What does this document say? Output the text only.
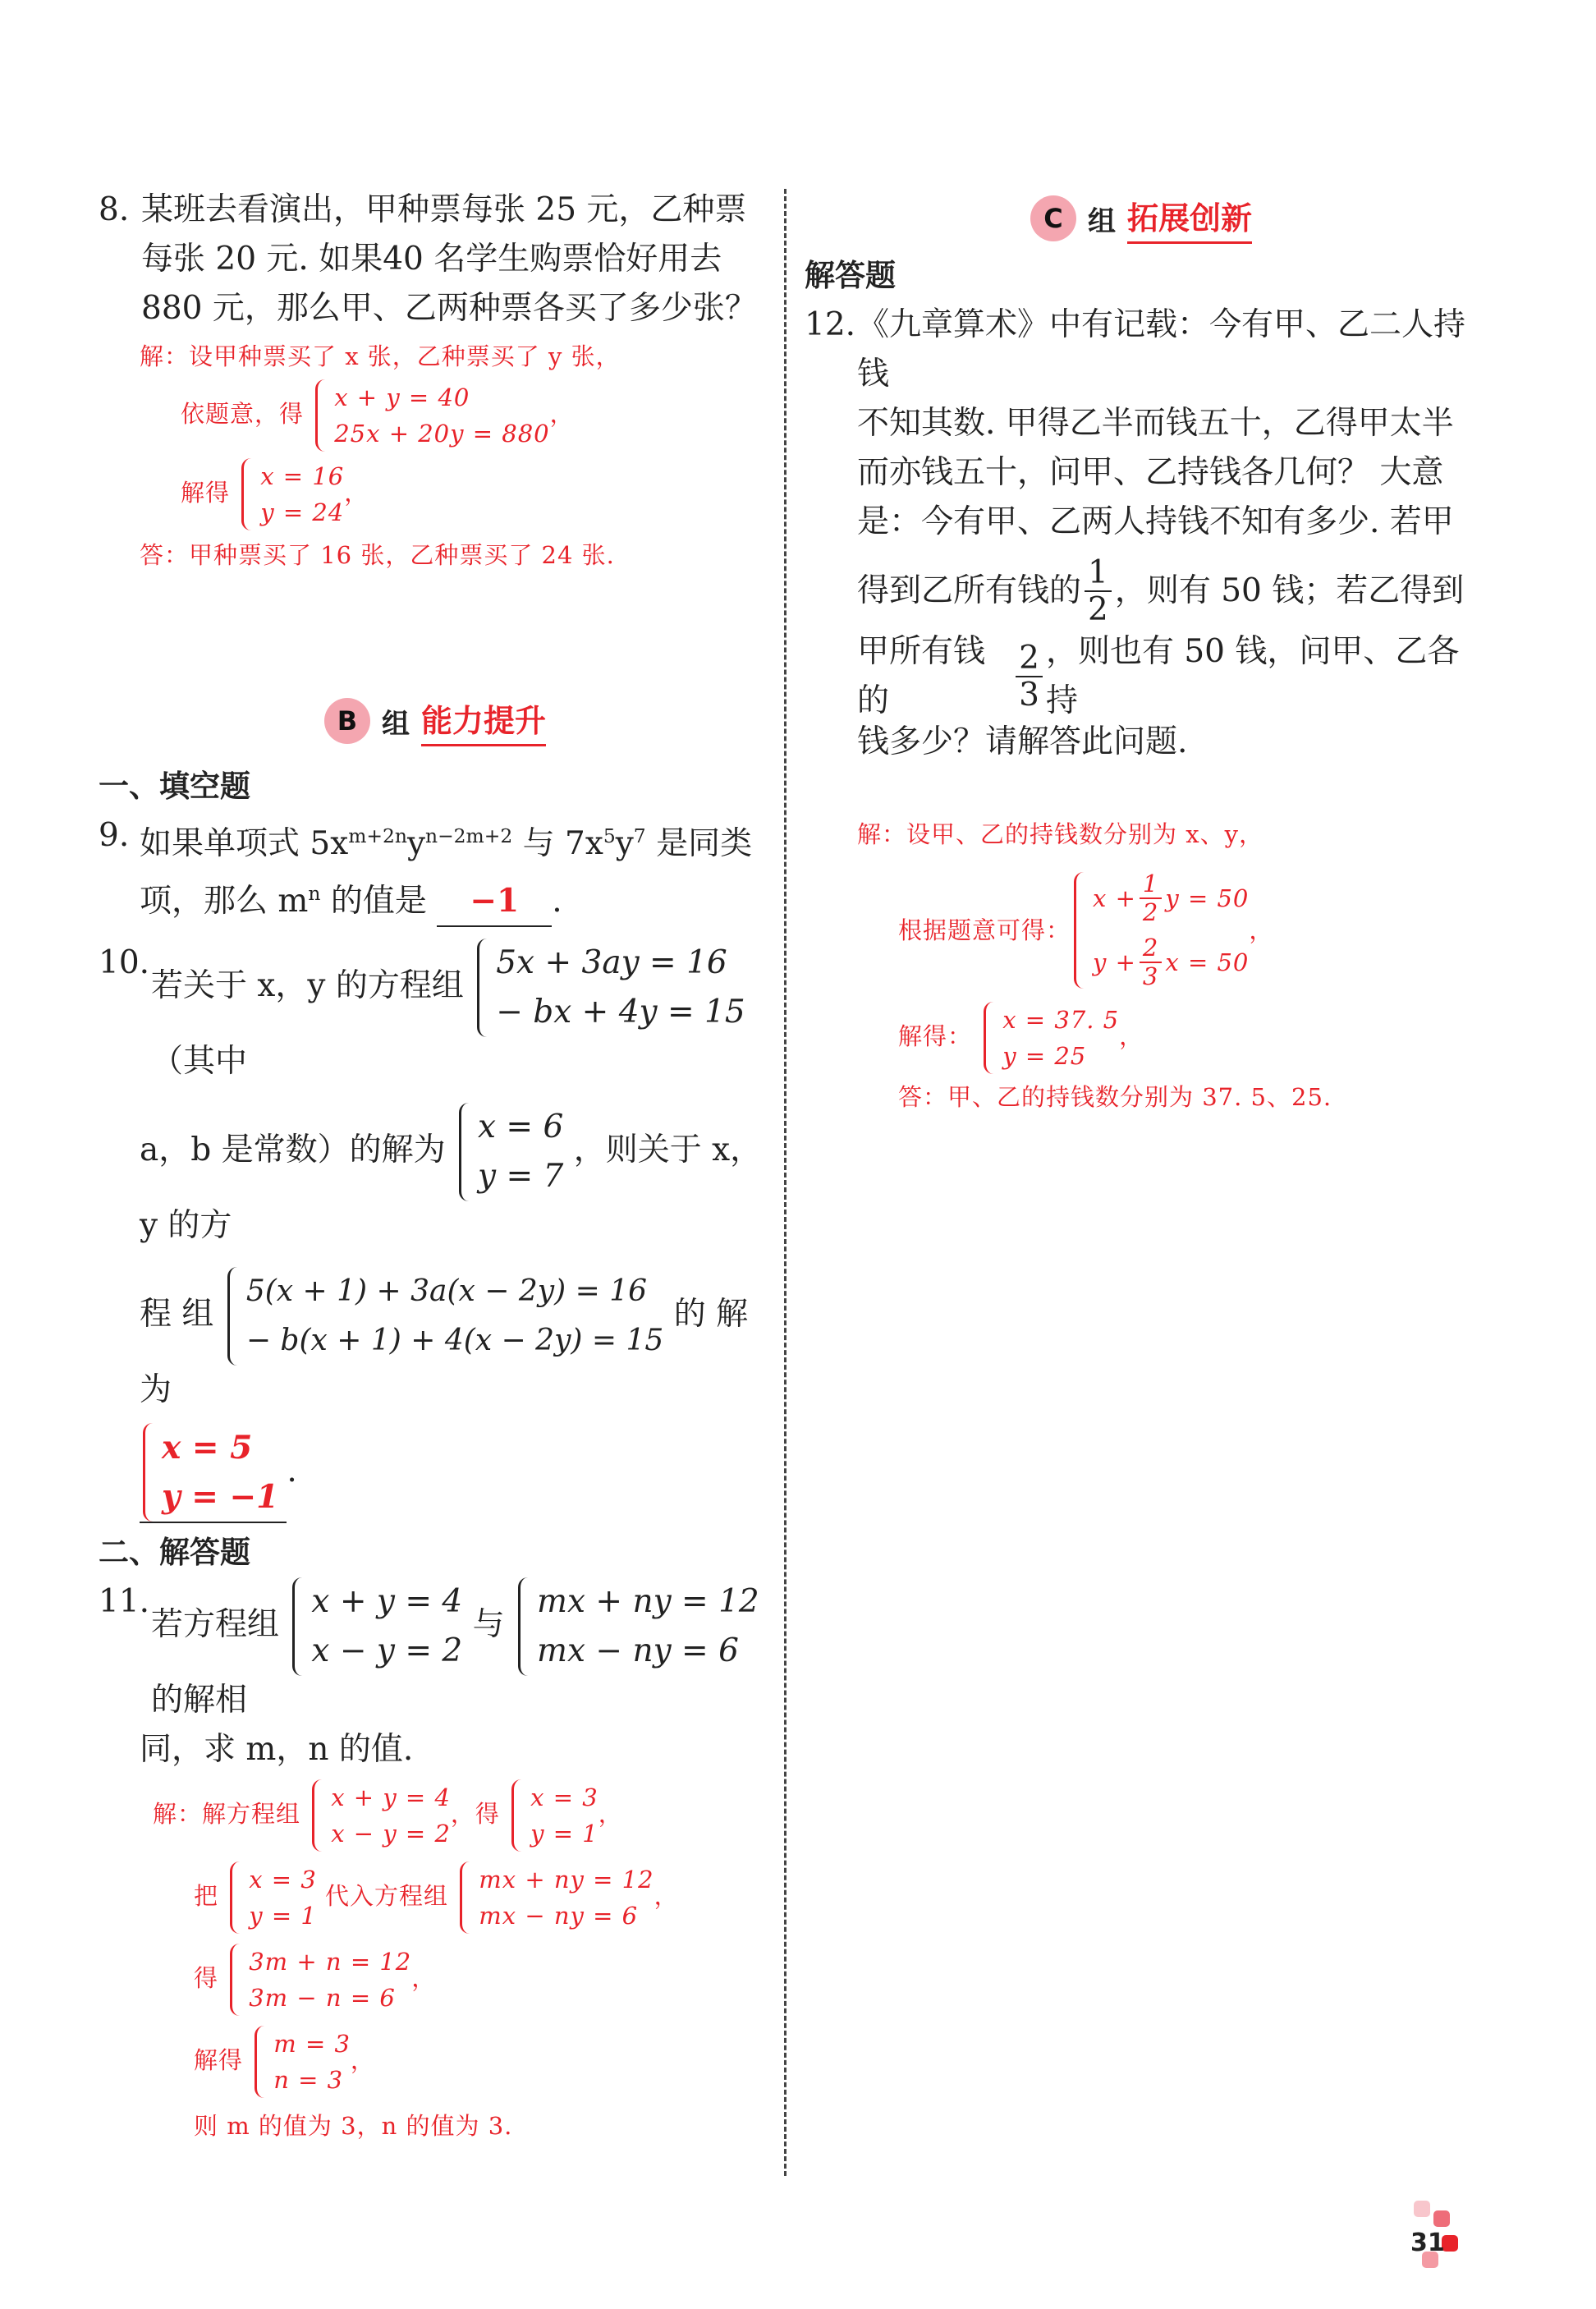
8. 某班去看演出，甲种票每张 25 元，乙种票每张 20 元. 如果40 名学生购票恰好用去880 元，那么甲、乙两种票各买了多少张？
解：设甲种票买了 x 张，乙种票买了 y 张，
依题意，得
x + y = 40
25x + 20y = 880
，
解得
x = 16
y = 24
，
答：甲种票买了 16 张，乙种票买了 24 张.
B 组 能力提升
一、填空题
9. 如果单项式 $5x^{m+2n}y^{n-2m+2}$ 与 $7x^5y^7$ 是同类项，那么 $m^n$ 的值是 −1 .
10.
若关于 x，y 的方程组
5x + 3ay = 16
− bx + 4y = 15
（其中
a，b 是常数）的解为
x = 6
y = 7
，则关于 x，y 的方
程 组
5(x + 1) + 3a(x − 2y) = 16
− b(x + 1) + 4(x − 2y) = 15
的 解 为
x = 5
y = −1
.
二、解答题
11.
若方程组
x + y = 4
x − y = 2
与
mx + ny = 12
mx − ny = 6
的解相
同，求 m，n 的值.
解：解方程组
x + y = 4
x − y = 2
，得
x = 3
y = 1
，
把
x = 3
y = 1
代入方程组
mx + ny = 12
mx − ny = 6
，
得
3m + n = 12
3m − n = 6
，
解得
m = 3
n = 3
，
则 m 的值为 3，n 的值为 3.
C 组 拓展创新
解答题
12. 《九章算术》中有记载：今有甲、乙二人持钱
不知其数. 甲得乙半而钱五十，乙得甲太半
而亦钱五十，问甲、乙持钱各几何？ 大意
是：今有甲、乙两人持钱不知有多少. 若甲
得到乙所有钱的 $\frac{1}{2}$ ，则有 50 钱；若乙得到
甲所有钱的	$\frac{2}{3}$ ，则也有 50 钱，问甲、乙各持
钱多少？请解答此问题.
解：设甲、乙的持钱数分别为 x、y，
根据题意可得：
$x + \frac{1}{2}$ y = 50
$y + \frac{2}{3}$ x = 50
，
解得：
x = 37. 5
y = 25
，
答：甲、乙的持钱数分别为 37. 5、25.
31
